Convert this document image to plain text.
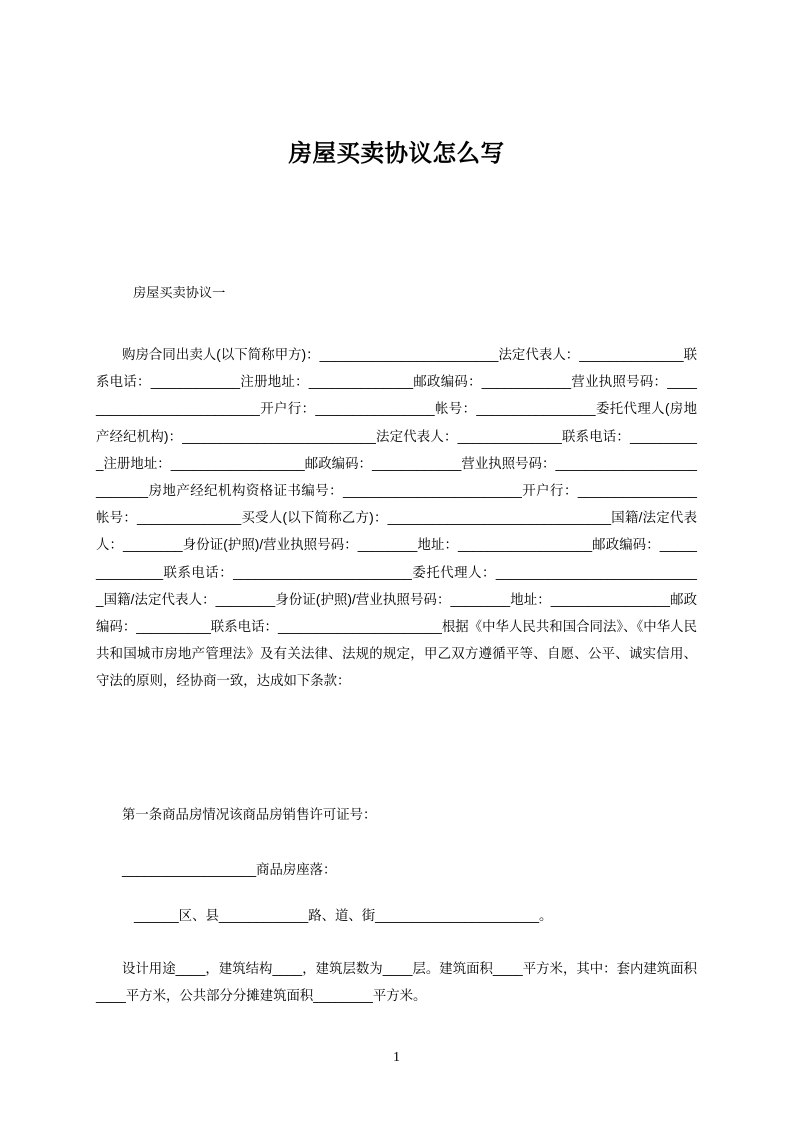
房屋买卖协议怎么写
房屋买卖协议一

购房合同出卖人(以下简称甲方)：________________________法定代表人：______________联系电话：____________注册地址：______________邮政编码：____________营业执照号码：__________________________开户行：________________帐号：________________委托代理人(房地产经纪机构)：__________________________法定代表人：______________联系电话：__________注册地址：__________________邮政编码：____________营业执照号码：__________________________房地产经纪机构资格证书编号：________________________开户行：________________帐号：______________买受人(以下简称乙方)：______________________________国籍/法定代表人：________身份证(护照)/营业执照号码：________地址：__________________邮政编码：______________联系电话：________________________委托代理人：____________________________国籍/法定代表人：________身份证(护照)/营业执照号码：________地址：________________邮政编码：__________联系电话：______________________根据《中华人民共和国合同法》、《中华人民共和国城市房地产管理法》及有关法律、法规的规定，甲乙双方遵循平等、自愿、公平、诚实信用、守法的原则，经协商一致，达成如下条款：

第一条商品房情况该商品房销售许可证号：
__________________商品房座落：
______区、县____________路、道、街______________________。

设计用途____，建筑结构____，建筑层数为____层。建筑面积____平方米，其中：套内建筑面积____平方米，公共部分分摊建筑面积________平方米。

1
